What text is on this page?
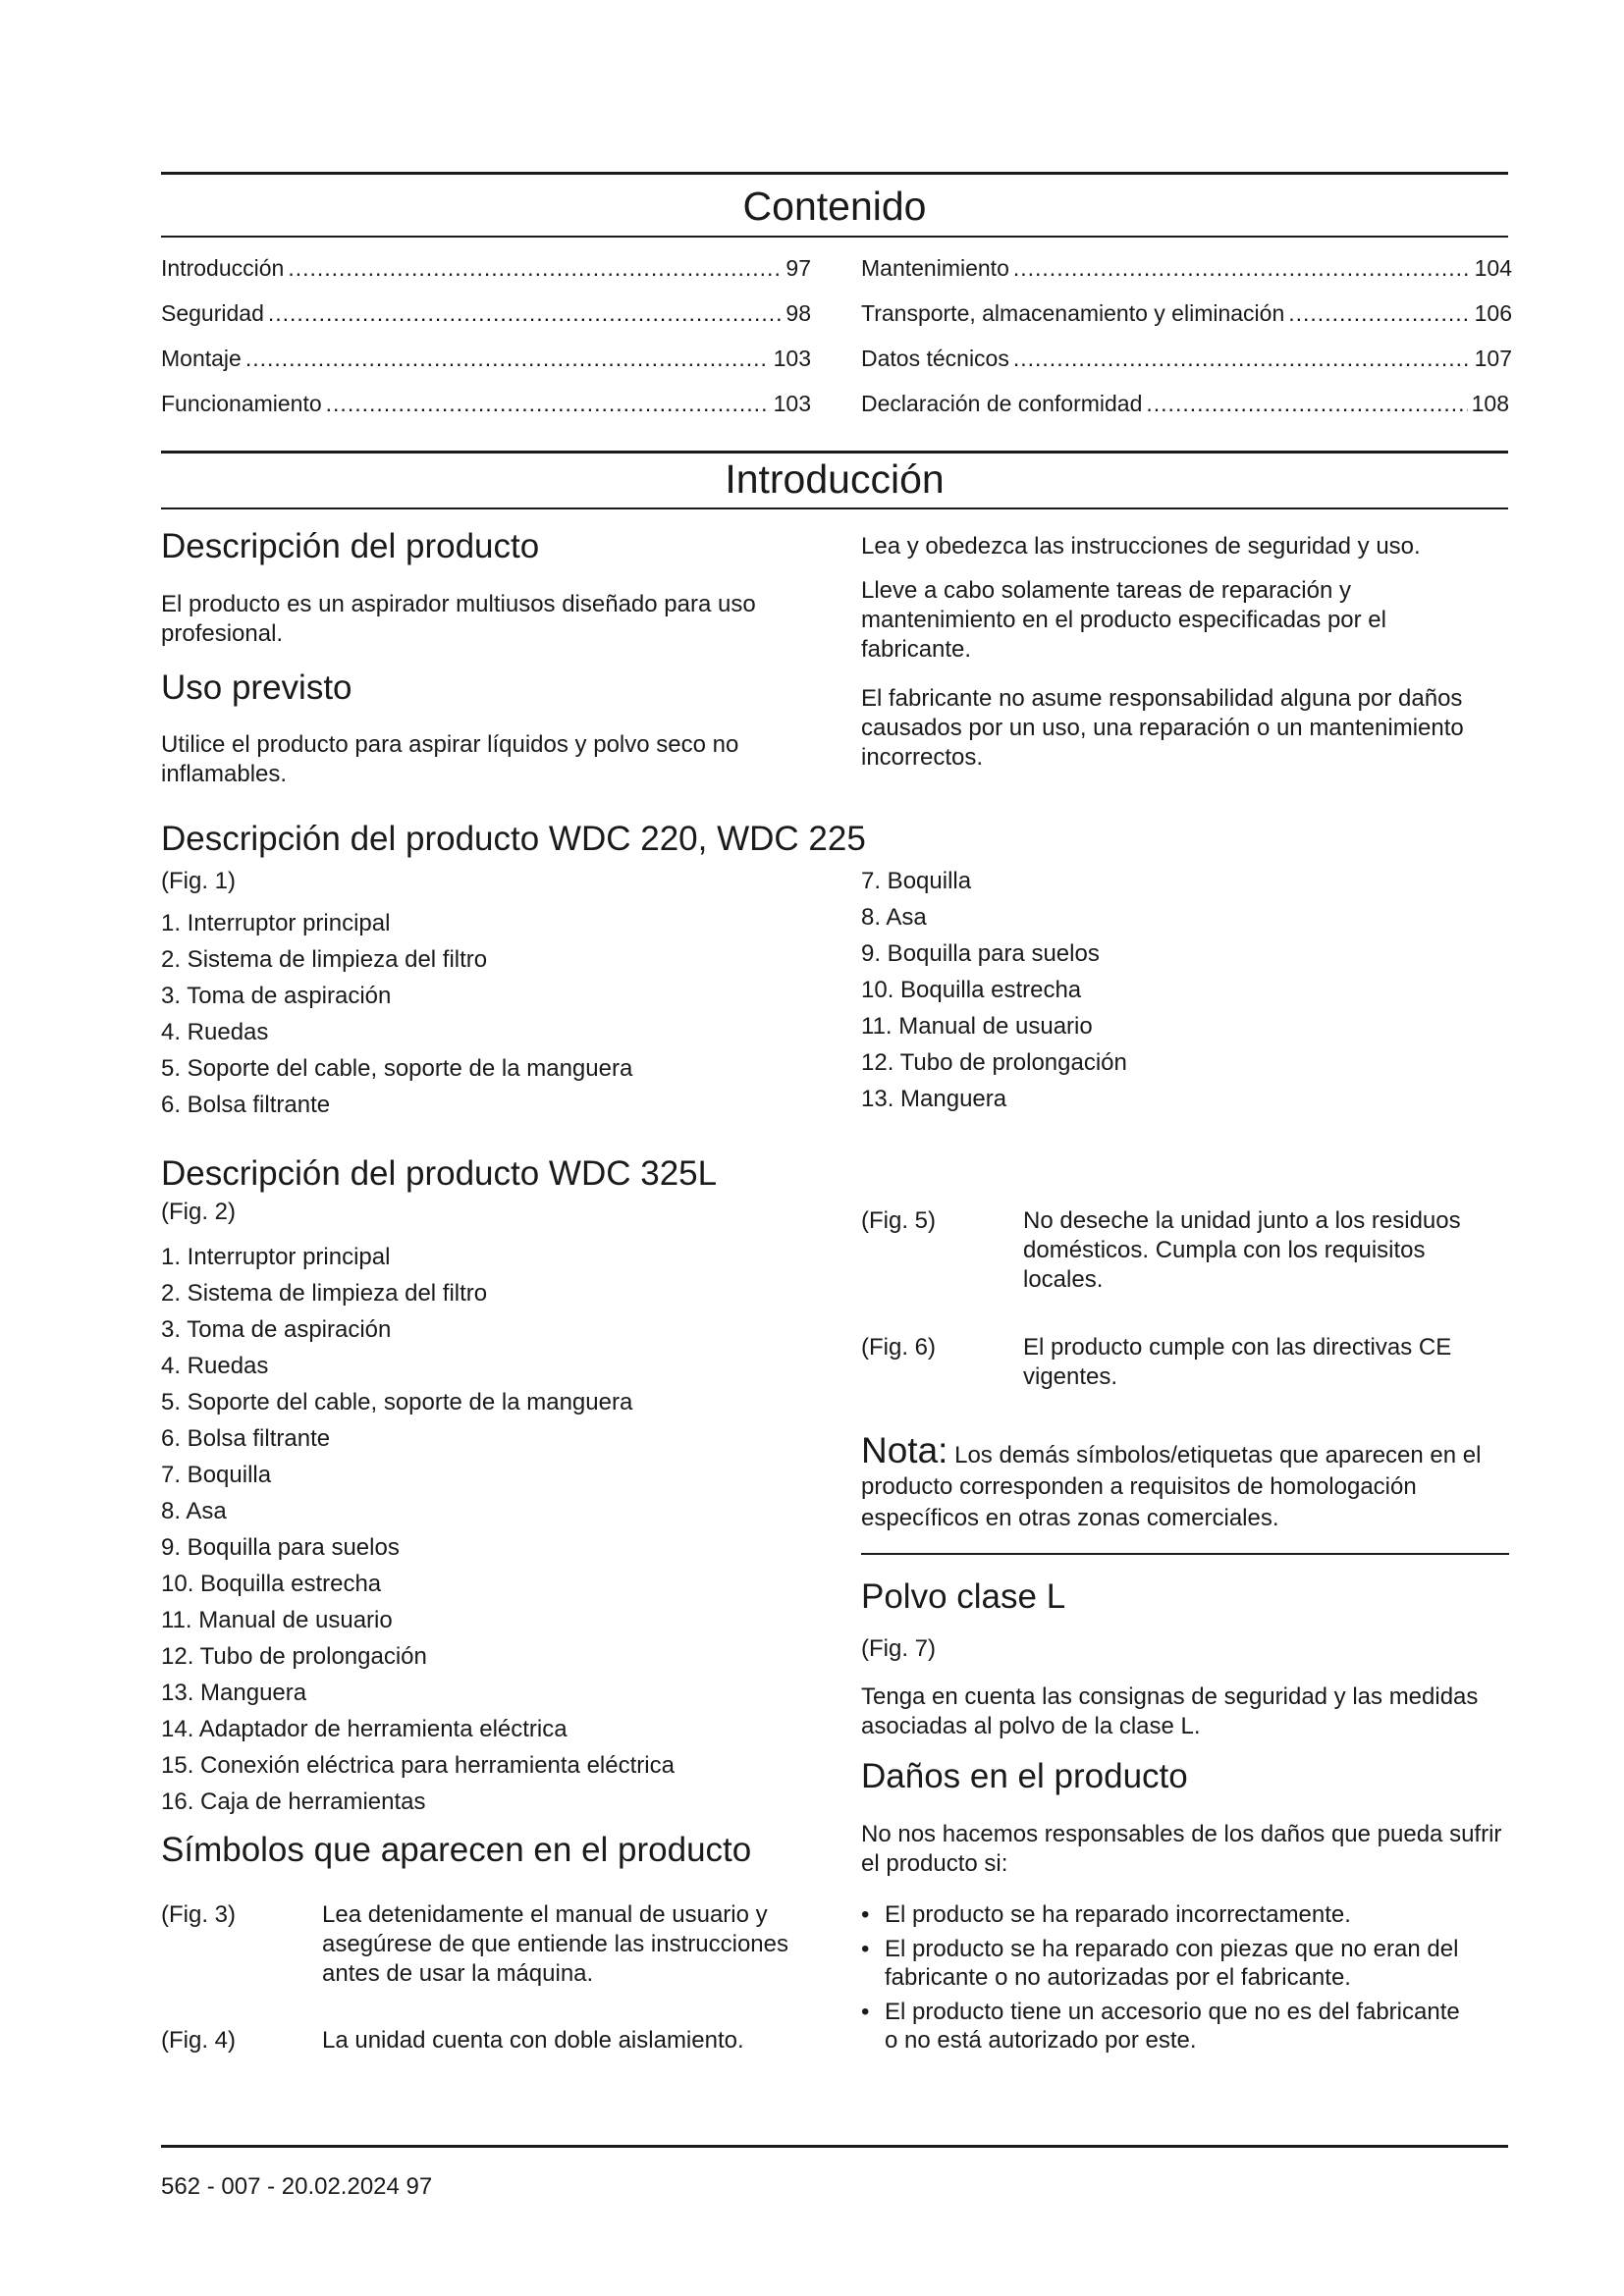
Contenido
Introducción .....	97
Seguridad .....	98
Montaje .....	103
Funcionamiento .....	103
Mantenimiento .....	104
Transporte, almacenamiento y eliminación .....	106
Datos técnicos .....	107
Declaración de conformidad .....	108
Introducción
Descripción del producto
El producto es un aspirador multiusos diseñado para uso profesional.
Uso previsto
Utilice el producto para aspirar líquidos y polvo seco no inflamables.
Lea y obedezca las instrucciones de seguridad y uso.
Lleve a cabo solamente tareas de reparación y mantenimiento en el producto especificadas por el fabricante.
El fabricante no asume responsabilidad alguna por daños causados por un uso, una reparación o un mantenimiento incorrectos.
Descripción del producto WDC 220, WDC 225
(Fig. 1)
1. Interruptor principal
2. Sistema de limpieza del filtro
3. Toma de aspiración
4. Ruedas
5. Soporte del cable, soporte de la manguera
6. Bolsa filtrante
7. Boquilla
8. Asa
9. Boquilla para suelos
10. Boquilla estrecha
11. Manual de usuario
12. Tubo de prolongación
13. Manguera
Descripción del producto WDC 325L
(Fig. 2)
1. Interruptor principal
2. Sistema de limpieza del filtro
3. Toma de aspiración
4. Ruedas
5. Soporte del cable, soporte de la manguera
6. Bolsa filtrante
7. Boquilla
8. Asa
9. Boquilla para suelos
10. Boquilla estrecha
11. Manual de usuario
12. Tubo de prolongación
13. Manguera
14. Adaptador de herramienta eléctrica
15. Conexión eléctrica para herramienta eléctrica
16. Caja de herramientas
Símbolos que aparecen en el producto
(Fig. 3)	Lea detenidamente el manual de usuario y asegúrese de que entiende las instrucciones antes de usar la máquina.
(Fig. 4)	La unidad cuenta con doble aislamiento.
(Fig. 5)	No deseche la unidad junto a los residuos domésticos. Cumpla con los requisitos locales.
(Fig. 6)	El producto cumple con las directivas CE vigentes.
Nota: Los demás símbolos/etiquetas que aparecen en el producto corresponden a requisitos de homologación específicos en otras zonas comerciales.
Polvo clase L
(Fig. 7)
Tenga en cuenta las consignas de seguridad y las medidas asociadas al polvo de la clase L.
Daños en el producto
No nos hacemos responsables de los daños que pueda sufrir el producto si:
• El producto se ha reparado incorrectamente.
• El producto se ha reparado con piezas que no eran del fabricante o no autorizadas por el fabricante.
• El producto tiene un accesorio que no es del fabricante o no está autorizado por este.
562 - 007 - 20.02.2024 97
